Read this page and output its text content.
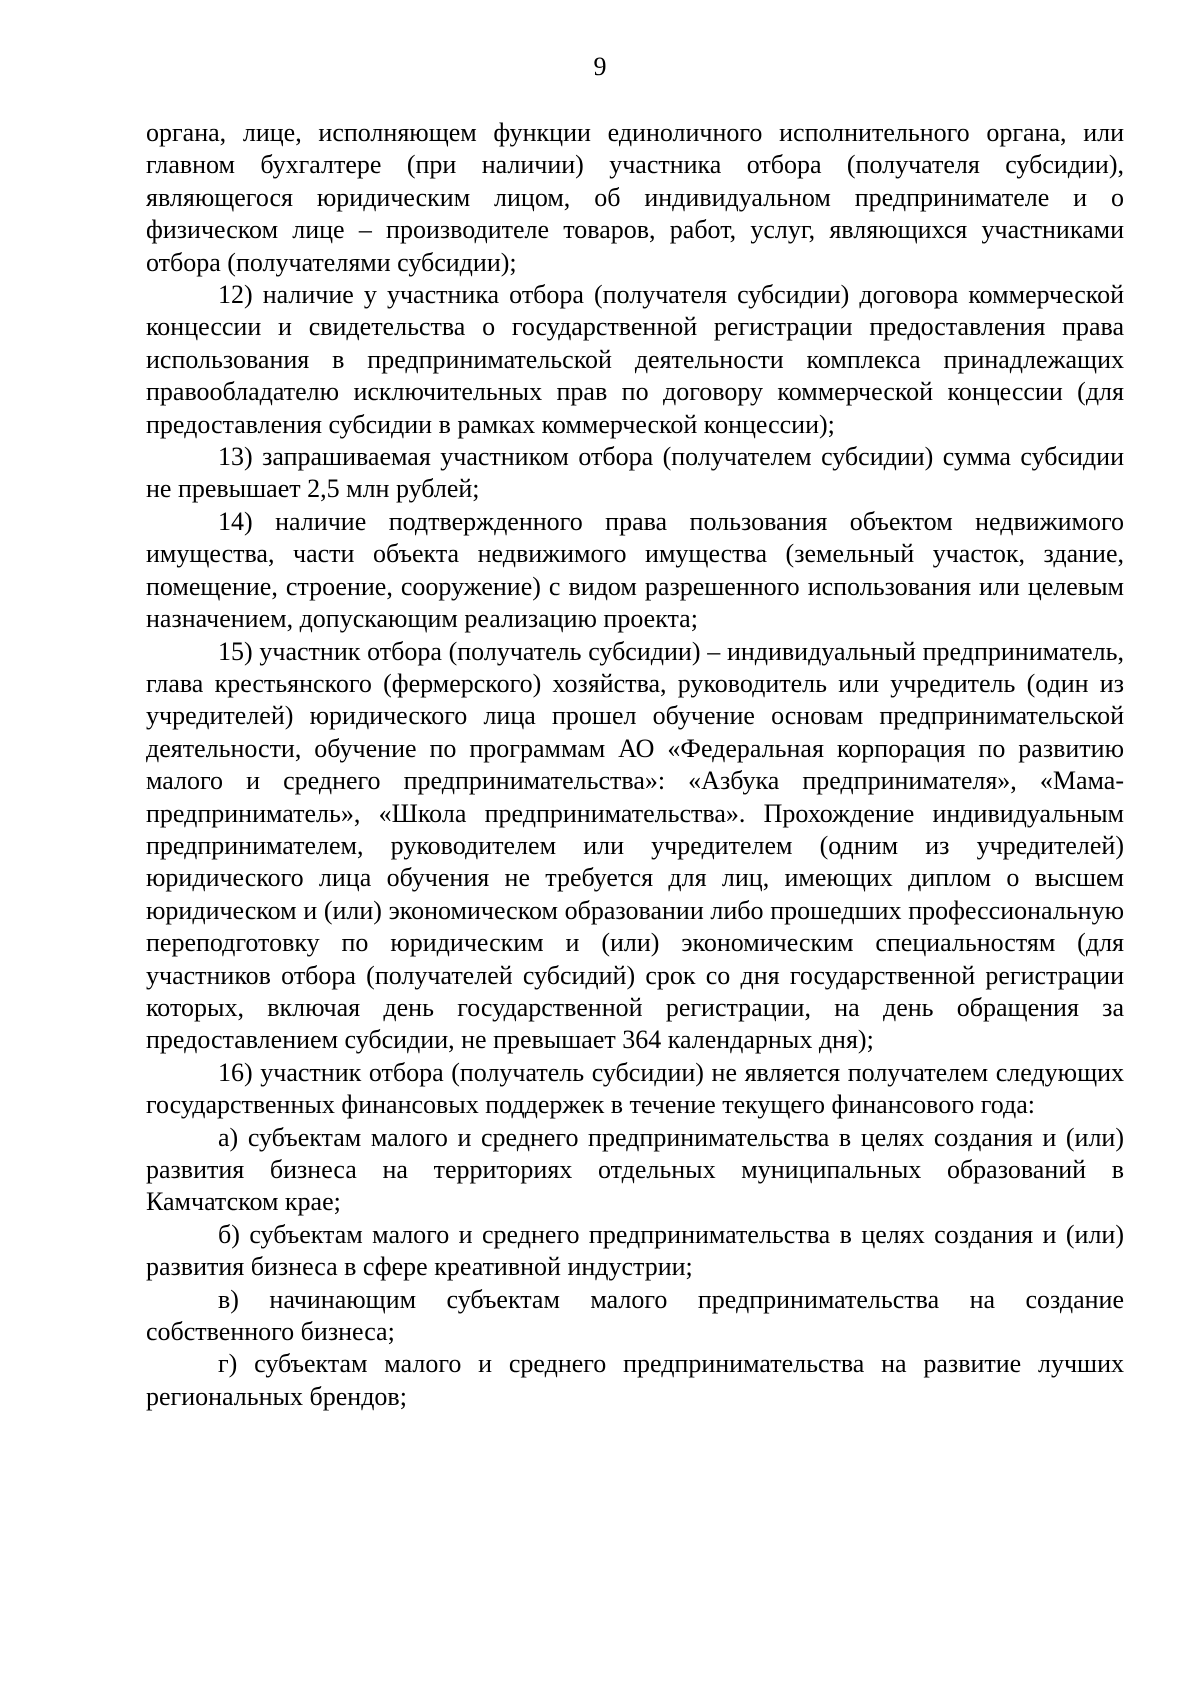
9

органа, лице, исполняющем функции единоличного исполнительного органа, или главном бухгалтере (при наличии) участника отбора (получателя субсидии), являющегося юридическим лицом, об индивидуальном предпринимателе и о физическом лице – производителе товаров, работ, услуг, являющихся участниками отбора (получателями субсидии);

12) наличие у участника отбора (получателя субсидии) договора коммерческой концессии и свидетельства о государственной регистрации предоставления права использования в предпринимательской деятельности комплекса принадлежащих правообладателю исключительных прав по договору коммерческой концессии (для предоставления субсидии в рамках коммерческой концессии);

13) запрашиваемая участником отбора (получателем субсидии) сумма субсидии не превышает 2,5 млн рублей;

14) наличие подтвержденного права пользования объектом недвижимого имущества, части объекта недвижимого имущества (земельный участок, здание, помещение, строение, сооружение) с видом разрешенного использования или целевым назначением, допускающим реализацию проекта;

15) участник отбора (получатель субсидии) – индивидуальный предприниматель, глава крестьянского (фермерского) хозяйства, руководитель или учредитель (один из учредителей) юридического лица прошел обучение основам предпринимательской деятельности, обучение по программам АО «Федеральная корпорация по развитию малого и среднего предпринимательства»: «Азбука предпринимателя», «Мама-предприниматель», «Школа предпринимательства». Прохождение индивидуальным предпринимателем, руководителем или учредителем (одним из учредителей) юридического лица обучения не требуется для лиц, имеющих диплом о высшем юридическом и (или) экономическом образовании либо прошедших профессиональную переподготовку по юридическим и (или) экономическим специальностям (для участников отбора (получателей субсидий) срок со дня государственной регистрации которых, включая день государственной регистрации, на день обращения за предоставлением субсидии, не превышает 364 календарных дня);

16) участник отбора (получатель субсидии) не является получателем следующих государственных финансовых поддержек в течение текущего финансового года:

а) субъектам малого и среднего предпринимательства в целях создания и (или) развития бизнеса на территориях отдельных муниципальных образований в Камчатском крае;

б) субъектам малого и среднего предпринимательства в целях создания и (или) развития бизнеса в сфере креативной индустрии;

в) начинающим субъектам малого предпринимательства на создание собственного бизнеса;

г) субъектам малого и среднего предпринимательства на развитие лучших региональных брендов;
